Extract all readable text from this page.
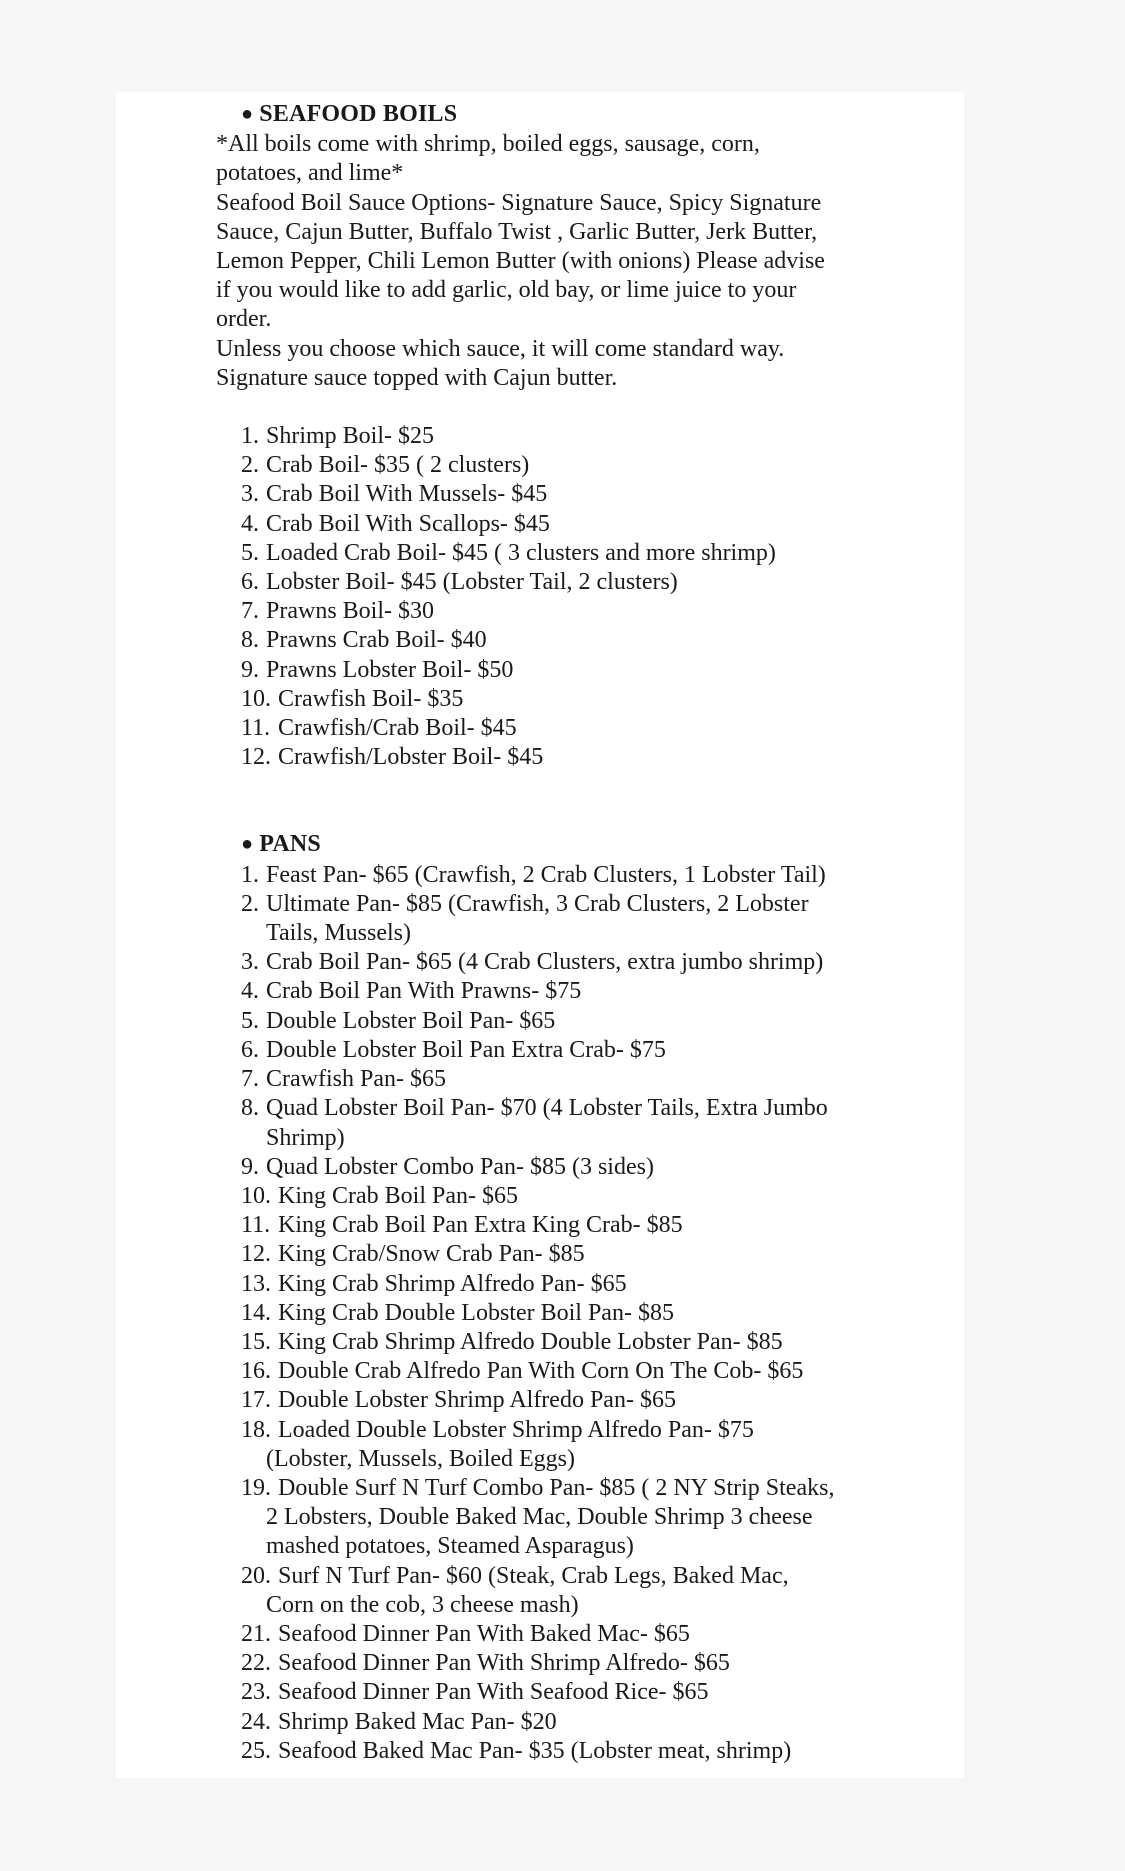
● SEAFOOD BOILS
*All boils come with shrimp, boiled eggs, sausage, corn,
potatoes, and lime*
Seafood Boil Sauce Options- Signature Sauce, Spicy Signature
Sauce, Cajun Butter, Buffalo Twist , Garlic Butter, Jerk Butter,
Lemon Pepper, Chili Lemon Butter (with onions) Please advise
if you would like to add garlic, old bay, or lime juice to your
order.
Unless you choose which sauce, it will come standard way.
Signature sauce topped with Cajun butter.
1. Shrimp Boil- $25
2. Crab Boil- $35 ( 2 clusters)
3. Crab Boil With Mussels- $45
4. Crab Boil With Scallops- $45
5. Loaded Crab Boil- $45 ( 3 clusters and more shrimp)
6. Lobster Boil- $45 (Lobster Tail, 2 clusters)
7. Prawns Boil- $30
8. Prawns Crab Boil- $40
9. Prawns Lobster Boil- $50
10. Crawfish Boil- $35
11. Crawfish/Crab Boil- $45
12. Crawfish/Lobster Boil- $45
● PANS
1. Feast Pan- $65 (Crawfish, 2 Crab Clusters, 1 Lobster Tail)
2. Ultimate Pan- $85 (Crawfish, 3 Crab Clusters, 2 Lobster
Tails, Mussels)
3. Crab Boil Pan- $65 (4 Crab Clusters, extra jumbo shrimp)
4. Crab Boil Pan With Prawns- $75
5. Double Lobster Boil Pan- $65
6. Double Lobster Boil Pan Extra Crab- $75
7. Crawfish Pan- $65
8. Quad Lobster Boil Pan- $70 (4 Lobster Tails, Extra Jumbo
Shrimp)
9. Quad Lobster Combo Pan- $85 (3 sides)
10. King Crab Boil Pan- $65
11. King Crab Boil Pan Extra King Crab- $85
12. King Crab/Snow Crab Pan- $85
13. King Crab Shrimp Alfredo Pan- $65
14. King Crab Double Lobster Boil Pan- $85
15. King Crab Shrimp Alfredo Double Lobster Pan- $85
16. Double Crab Alfredo Pan With Corn On The Cob- $65
17. Double Lobster Shrimp Alfredo Pan- $65
18. Loaded Double Lobster Shrimp Alfredo Pan- $75
(Lobster, Mussels, Boiled Eggs)
19. Double Surf N Turf Combo Pan- $85 ( 2 NY Strip Steaks,
2 Lobsters, Double Baked Mac, Double Shrimp 3 cheese
mashed potatoes, Steamed Asparagus)
20. Surf N Turf Pan- $60 (Steak, Crab Legs, Baked Mac,
Corn on the cob, 3 cheese mash)
21. Seafood Dinner Pan With Baked Mac- $65
22. Seafood Dinner Pan With Shrimp Alfredo- $65
23. Seafood Dinner Pan With Seafood Rice- $65
24. Shrimp Baked Mac Pan- $20
25. Seafood Baked Mac Pan- $35 (Lobster meat, shrimp)
